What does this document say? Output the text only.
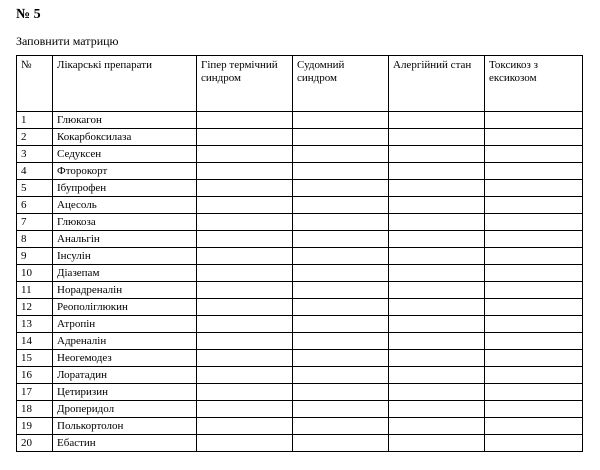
№ 5
Заповнити матрицю
№	Лікарські препарати	Гіпер термічний синдром	Судомний синдром	Алергійний стан	Токсикоз з ексикозом
1	Глюкагон				
2	Кокарбоксилаза				
3	Седуксен				
4	Фторокорт				
5	Ібупрофен				
6	Ацесоль				
7	Глюкоза				
8	Анальгін				
9	Інсулін				
10	Діазепам				
11	Норадреналін				
12	Реополіглюкин				
13	Атропін				
14	Адреналін				
15	Неогемодез				
16	Лоратадин				
17	Цетиризин				
18	Дроперидол				
19	Полькортолон				
20	Ебастин				
